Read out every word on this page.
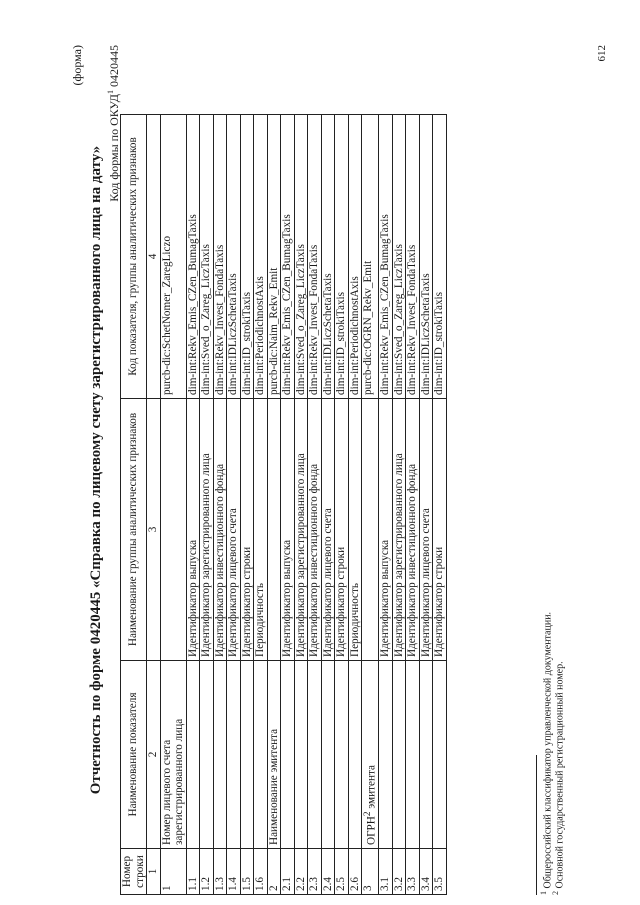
(форма)
Отчетность по форме 0420445 «Справка по лицевому счету зарегистрированного лица на дату» Код формы по ОКУД$^1$ 0420445
Номер строки	Наименование показателя	Наименование группы аналитических признаков	Код показателя, группы аналитических признаков
1	2	3	4
1	Номер лицевого счета зарегистрированного лица		purcb-dic:SchetNomer_ZaregLiczo
1.1		Идентификатор выпуска	dim-int:Rekv_Emis_CZen_BumagTaxis
1.2		Идентификатор зарегистрированного лица	dim-int:Sved_o_Zareg_LiczTaxis
1.3		Идентификатор инвестиционного фонда	dim-int:Rekv_Invest_FondaTaxis
1.4		Идентификатор лицевого счета	dim-int:IDLiczSchetaTaxis
1.5		Идентификатор строки	dim-int:ID_strokiTaxis
1.6		Периодичность	dim-int:PeriodichnostAxis
2	Наименование эмитента		purcb-dic:Naim_Rekv_Emit
2.1		Идентификатор выпуска	dim-int:Rekv_Emis_CZen_BumagTaxis
2.2		Идентификатор зарегистрированного лица	dim-int:Sved_o_Zareg_LiczTaxis
2.3		Идентификатор инвестиционного фонда	dim-int:Rekv_Invest_FondaTaxis
2.4		Идентификатор лицевого счета	dim-int:IDLiczSchetaTaxis
2.5		Идентификатор строки	dim-int:ID_strokiTaxis
2.6		Периодичность	dim-int:PeriodichnostAxis
3	ОГРН$^2$ эмитента		purcb-dic:OGRN_Rekv_Emit
3.1		Идентификатор выпуска	dim-int:Rekv_Emis_CZen_BumagTaxis
3.2		Идентификатор зарегистрированного лица	dim-int:Sved_o_Zareg_LiczTaxis
3.3		Идентификатор инвестиционного фонда	dim-int:Rekv_Invest_FondaTaxis
3.4		Идентификатор лицевого счета	dim-int:IDLiczSchetaTaxis
3.5		Идентификатор строки	dim-int:ID_strokiTaxis
$^1$ Общероссийский классификатор управленческой документации.
$^2$ Основной государственный регистрационный номер.
612
